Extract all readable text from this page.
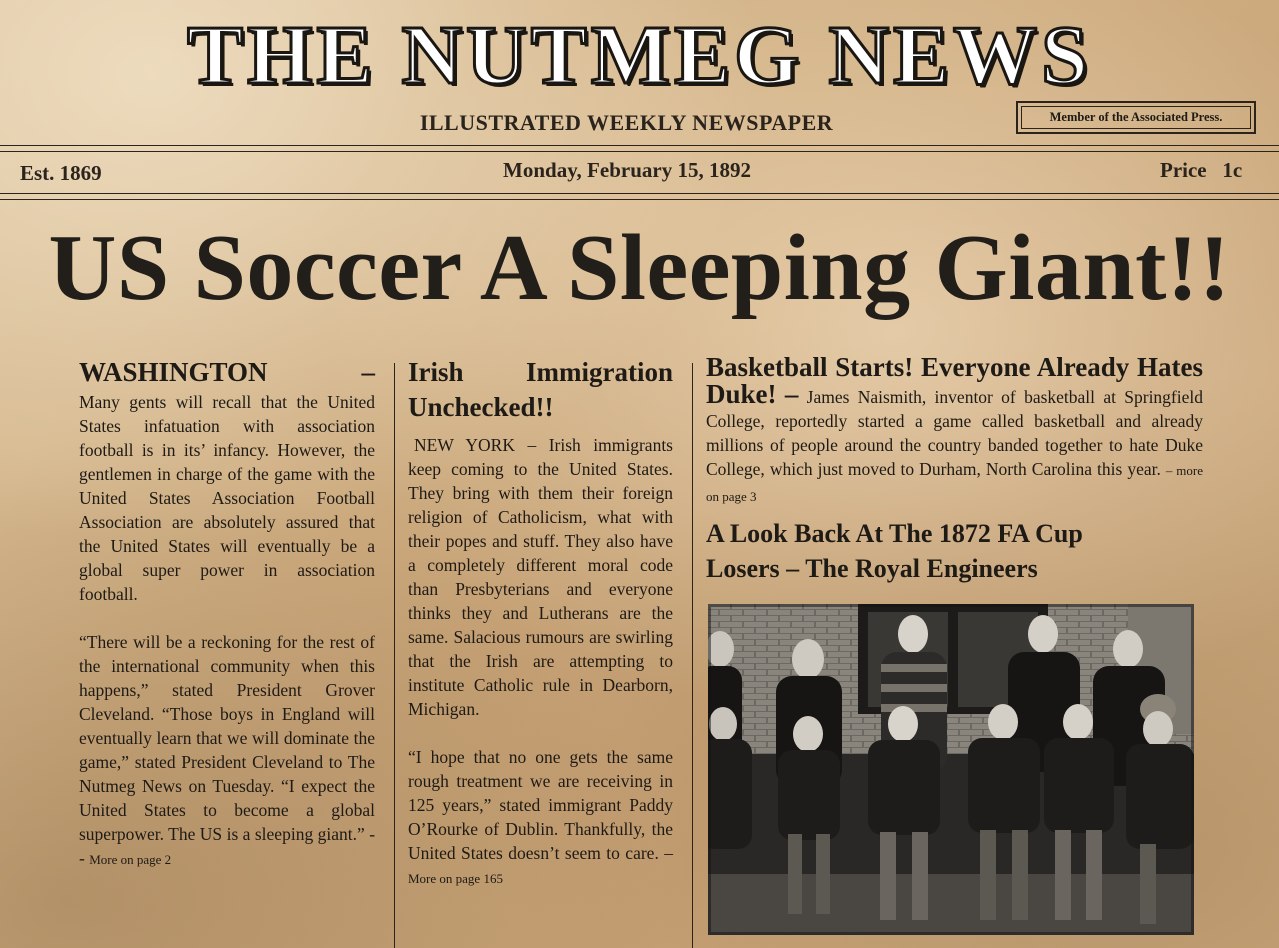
THE NUTMEG NEWS
ILLUSTRATED WEEKLY NEWSPAPER	Member of the Associated Press.
Est. 1869	Monday, February 15, 1892	Price 1c
US Soccer A Sleeping Giant!!
WASHINGTON	–

Many gents will recall that the United States infatuation with association football is in its’ infancy. However, the gentlemen in charge of the game with the United States Association Football Association are absolutely assured that the United States will eventually be a global super power in association football.

“There will be a reckoning for the rest of the international community when this happens,” stated President Grover Cleveland. “Those boys in England will eventually learn that we will dominate the game,” stated President Cleveland to The Nutmeg News on Tuesday. “I expect the United States to become a global superpower. The US is a sleeping giant.” -- More on page 2

Irish Immigration
Unchecked!!

NEW YORK – Irish immigrants keep coming to the United States. They bring with them their foreign religion of Catholicism, what with their popes and stuff. They also have a completely different moral code than Presbyterians and everyone thinks they and Lutherans are the same. Salacious rumours are swirling that the Irish are attempting to institute Catholic rule in Dearborn, Michigan.

“I hope that no one gets the same rough treatment we are receiving in 125 years,” stated immigrant Paddy O’Rourke of Dublin. Thankfully, the United States doesn’t seem to care. – More on page 165

Basketball Starts! Everyone Already Hates Duke! – James Naismith, inventor of basketball at Springfield College, reportedly started a game called basketball and already millions of people around the country banded together to hate Duke College, which just moved to Durham, North Carolina this year. – more on page 3

A Look Back At The 1872 FA Cup
Losers – The Royal Engineers
